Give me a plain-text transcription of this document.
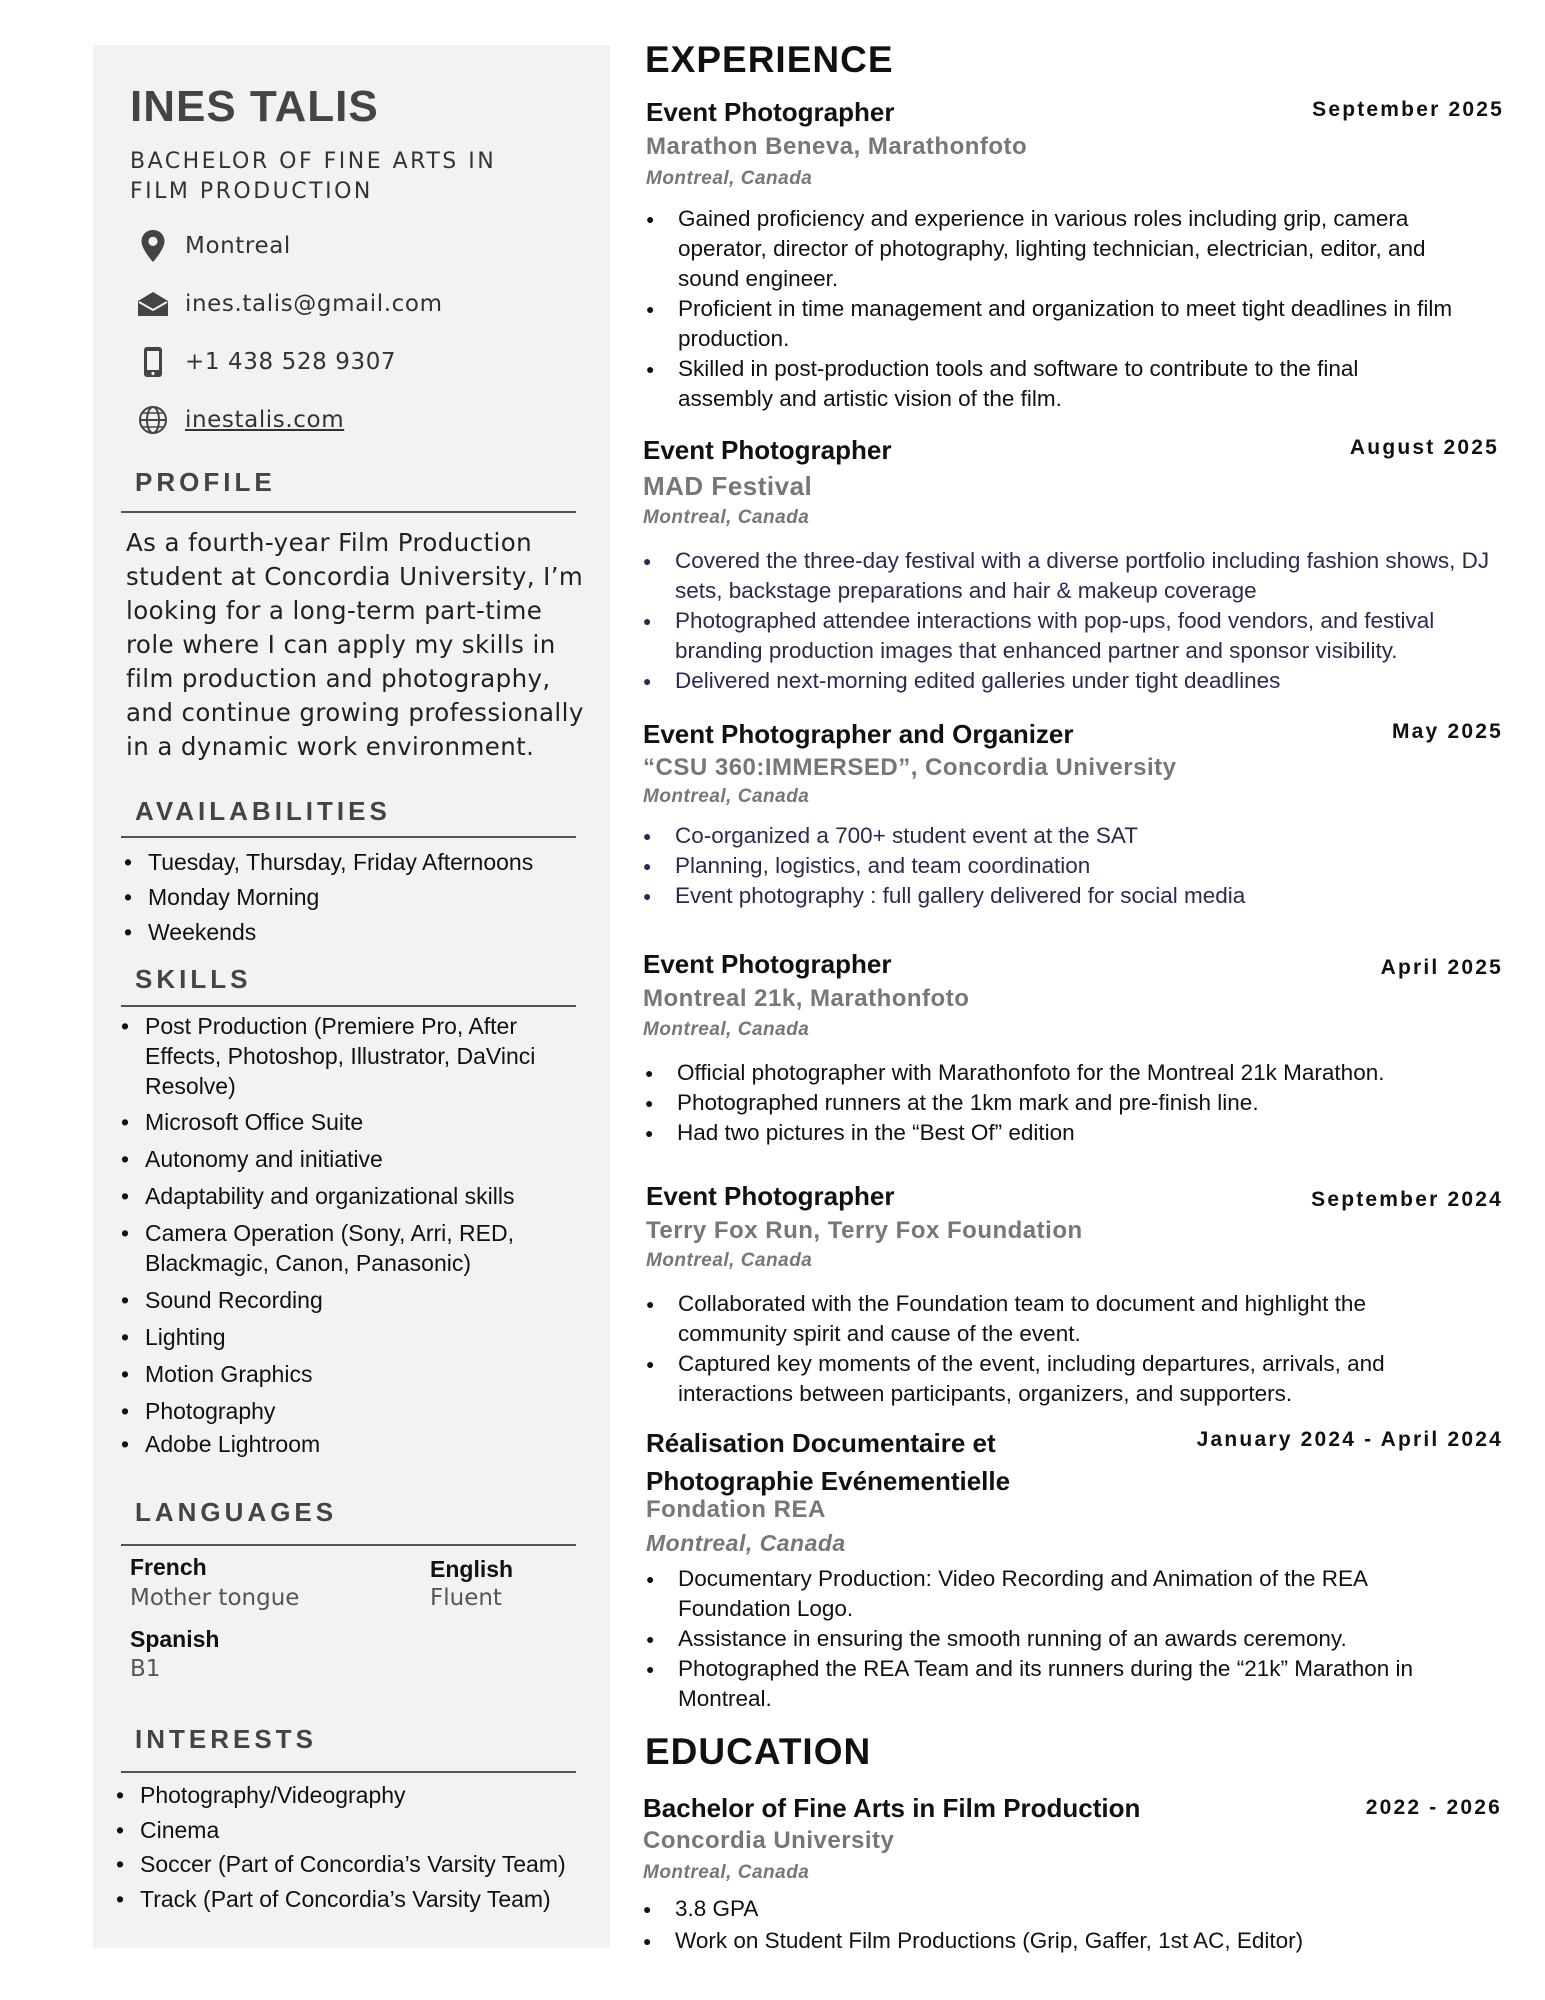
INES TALIS
BACHELOR OF FINE ARTS IN FILM PRODUCTION
Montreal
ines.talis@gmail.com
+1 438 528 9307
inestalis.com
PROFILE
As a fourth-year Film Production student at Concordia University, I’m looking for a long-term part-time role where I can apply my skills in film production and photography, and continue growing professionally in a dynamic work environment.
AVAILABILITIES
• Tuesday, Thursday, Friday Afternoons
• Monday Morning
• Weekends
SKILLS
• Post Production (Premiere Pro, After Effects, Photoshop, Illustrator, DaVinci Resolve)
• Microsoft Office Suite
• Autonomy and initiative
• Adaptability and organizational skills
• Camera Operation (Sony, Arri, RED, Blackmagic, Canon, Panasonic)
• Sound Recording
• Lighting
• Motion Graphics
• Photography
• Adobe Lightroom
LANGUAGES
French
Mother tongue
English
Fluent
Spanish
B1
INTERESTS
• Photography/Videography
• Cinema
• Soccer (Part of Concordia’s Varsity Team)
• Track (Part of Concordia’s Varsity Team)
EXPERIENCE
Event Photographer	September 2025
Marathon Beneva, Marathonfoto
Montreal, Canada
● Gained proficiency and experience in various roles including grip, camera operator, director of photography, lighting technician, electrician, editor, and sound engineer.
● Proficient in time management and organization to meet tight deadlines in film production.
● Skilled in post-production tools and software to contribute to the final assembly and artistic vision of the film.
Event Photographer	August 2025
MAD Festival
Montreal, Canada
● Covered the three-day festival with a diverse portfolio including fashion shows, DJ sets, backstage preparations and hair & makeup coverage
● Photographed attendee interactions with pop-ups, food vendors, and festival branding production images that enhanced partner and sponsor visibility.
● Delivered next-morning edited galleries under tight deadlines
Event Photographer and Organizer	May 2025
“CSU 360:IMMERSED”, Concordia University
Montreal, Canada
● Co-organized a 700+ student event at the SAT
● Planning, logistics, and team coordination
● Event photography : full gallery delivered for social media
Event Photographer	April 2025
Montreal 21k, Marathonfoto
Montreal, Canada
● Official photographer with Marathonfoto for the Montreal 21k Marathon.
● Photographed runners at the 1km mark and pre-finish line.
● Had two pictures in the “Best Of” edition
Event Photographer	September 2024
Terry Fox Run, Terry Fox Foundation
Montreal, Canada
● Collaborated with the Foundation team to document and highlight the community spirit and cause of the event.
● Captured key moments of the event, including departures, arrivals, and interactions between participants, organizers, and supporters.
Réalisation Documentaire et Photographie Evénementielle
January 2024 - April 2024
Fondation REA
Montreal, Canada
● Documentary Production: Video Recording and Animation of the REA Foundation Logo.
● Assistance in ensuring the smooth running of an awards ceremony.
● Photographed the REA Team and its runners during the “21k” Marathon in Montreal.
EDUCATION
Bachelor of Fine Arts in Film Production	2022 - 2026
Concordia University
Montreal, Canada
● 3.8 GPA
● Work on Student Film Productions (Grip, Gaffer, 1st AC, Editor)
